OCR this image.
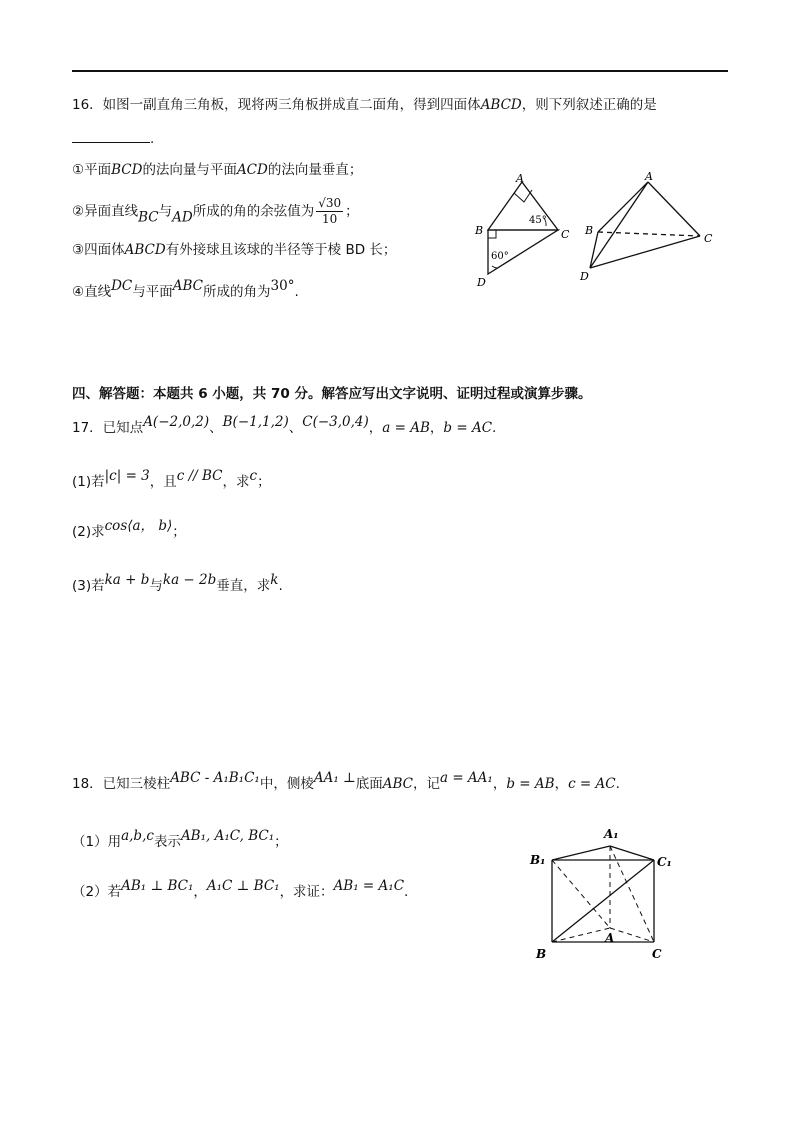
16．如图一副直角三角板，现将两三角板拼成直二面角，得到四面体ABCD，则下列叙述正确的是
.
①平面BCD的法向量与平面ACD的法向量垂直；
②异面直线BC与AD所成的角的余弦值为 $\frac{√30}{10}$ ；
③四面体ABCD有外接球且该球的半径等于棱 BD 长；
④直线DC与平面ABC所成的角为30°.
A
B	C
D
45°
60°
A
B
C
D
四、解答题：本题共 6 小题，共 70 分。解答应写出文字说明、证明过程或演算步骤。
17．已知点A(−2,0,2)、B(−1,1,2)、C(−3,0,4)，a = AB，b = AC.
(1)若|c| = 3，且c // BC，求c；
(2)求cos⟨a， b⟩；
(3)若ka + b与ka − 2b垂直，求k.
18．已知三棱柱ABC - A₁B₁C₁中，侧棱AA₁ ⊥底面ABC，记a = AA₁，b = AB，c = AC.
（1）用a,b,c表示AB₁, A₁C, BC₁；
（2）若AB₁ ⊥ BC₁，A₁C ⊥ BC₁，求证：AB₁ = A₁C.
A₁
B₁	C₁
A
B	C
